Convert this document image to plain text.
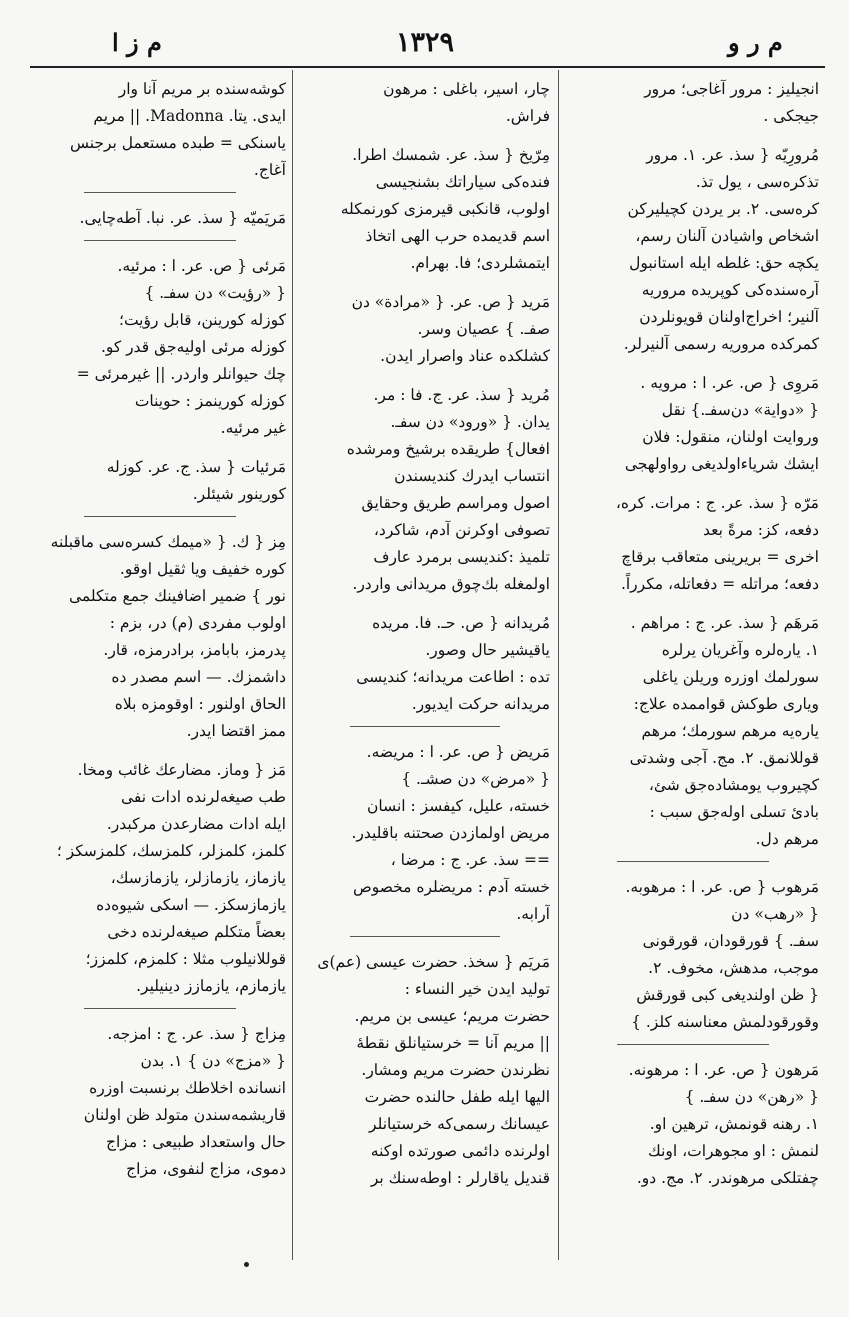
م ز ا	١٣٢٩	م ر و
انجيليز : مرور آغاجى؛ مرور
جيجكى .
مُرورِيّه { سذ. عر. ١. مرور
تذكره‌سى ، يول تذ.
كره‌سى. ٢. بر يردن كچيليركن
اشخاص واشيادن آلنان رسم،
يكچه حق: غلطه ايله استانبول
آره‌سنده‌كى كوپريده مروريه
آلنير؛ اخراج‌اولنان قويونلردن
كمركده مروريه رسمى آلنيرلر.
مَروِى { ص. عر. ا : مرويه .
{ «دواية» دن‌سفـ.} نقل
وروايت اولنان، منقول: فلان
ايشك شرياءاولديغى رواولهجى
مَرّه { سذ. عر. ج : مرات. كره،
دفعه، كز: مرةً بعد
اخرى = بريرينى متعاقب برقاچ
دفعه؛ مراتله = دفعاتله، مكرراً.
مَرهَم { سذ. عر. ج : مراهم .
١. ياره‌لره وآغريان يرلره
سورلمك اوزره وريلن ياغلى
ويارى طوكش قواممده علاج:
ياره‌يه مرهم سورمك؛ مرهم
قوللانمق. ٢. مج. آجى وشدتى
كچيروب يومشاده‌جق شئ،
بادئ تسلى اوله‌جق سبب :
مرهم دل.
مَرهوب { ص. عر. ا : مرهوبه.
{ «رهب» دن
سفـ. } قورقودان، قورقونى
موجب، مدهش، مخوف. ٢.
{ ظن اولنديغى كبى قورقش
وقورقودلمش معناسنه كلز. }
مَرهون { ص. عر. ا : مرهونه.
{ «رهن» دن سفـ. }
١. رهنه قونمش، ترهين او.
لنمش : او مجوهرات، اونك
چفتلكى مرهوندر. ٢. مج. دو.
چار، اسير، باغلى : مرهون
فراش.
مِرّيخ { سذ. عر. شمسك اطرا.
فنده‌كى سياراتك بشنجيسى
اولوب، قانكبى قيرمزى كورنمكله
اسم قديمده حرب الهى اتخاذ
ايتمشلردى؛ فا. بهرام.
مَريد { ص. عر. { «مرادة» دن
صفـ. } عصيان وسر.
كشلكده عناد واصرار ايدن.
مُريد { سذ. عر. ج. فا : مر.
يدان. { «ورود» دن سفـ.
افعال} طريقده برشيخ ومرشده
انتساب ايدرك كنديسندن
اصول ومراسم طريق وحقايق
تصوفى اوكرنن آدم، شاكرد،
تلميذ :كنديسى برمرد عارف
اولمغله بك‌چوق مريدانى واردر.
مُريدانه { ص. حـ. فا. مريده
ياقيشير حال وصور.
تده : اطاعت مريدانه؛ كنديسى
مريدانه حركت ايديور.
مَريض { ص. عر. ا : مريضه.
{ «مرض» دن صشـ. }
خسته، عليل، كيفسز : انسان
مريض اولمازدن صحتنه باقليدر.
== سذ. عر. ج : مرضا ،
خسته آدم : مريضلره مخصوص
آرابه.
مَريَم { سخذ. حضرت عيسى (عم)ى
توليد ايدن خير النساء :
حضرت مريم؛ عيسى بن مريم.
|| مريم آنا = خرستيانلق نقطهٔ
نظرندن حضرت مريم ومشار.
اليها ايله طفل حالنده حضرت
عيسانك رسمى‌كه خرستيانلر
اولرنده دائمى صورتده اوكنه
قنديل ياقارلر : اوطه‌سنك بر
كوشه‌سنده بر مريم آنا وار
ايدى. يتا. Madonna. || مريم
ياسنكى = طبده مستعمل برجنس
آغاج.
مَريَميّه { سذ. عر. نبا. آطه‌چايى.
مَرئى { ص. عر. ا : مرئيه.
{ «رؤيت» دن سفـ. }
كوزله كورينن، قابل رؤيت؛
كوزله مرئى اوليه‌جق قدر كو.
چك حيوانلر واردر. || غيرمرئى =
كوزله كورينمز : حوينات
غير مرئيه.
مَرئيات { سذ. ج. عر. كوزله
كورينور شيئلر.
مِز { ك. { «ميمك كسره‌سى ماقبلنه
كوره خفيف ويا ثقيل اوقو.
نور } ضمير اضافينك جمع متكلمى
اولوب مفردى (م) در، بزم :
پدرمز، بابامز، برادرمزه، قار.
داشمزك. — اسم مصدر ده
الحاق اولنور : اوقومزه بلاه
ممز اقتضا ايدر.
مَز { وماز. مضارعك غائب ومخا.
طب صيغه‌لرنده ادات نفى
ايله ادات مضارعدن مركبدر.
كلمز، كلمزلر، كلمزسك، كلمزسكز ؛
يازماز، يازمازلر، يازمازسك،
يازمازسكز. — اسكى شيوه‌ده
بعضاً متكلم صيغه‌لرنده دخى
قوللانيلوب مثلا : كلمزم، كلمزز؛
يازمازم، يازمازز دينيلير.
مِزاج { سذ. عر. ج : امزجه.
{ «مزج» دن } ١. بدن
انسانده اخلاطك برنسبت اوزره
قاريشمه‌سندن متولد ظن اولنان
حال واستعداد طبيعى : مزاج
دموى، مزاج لنفوى، مزاج
